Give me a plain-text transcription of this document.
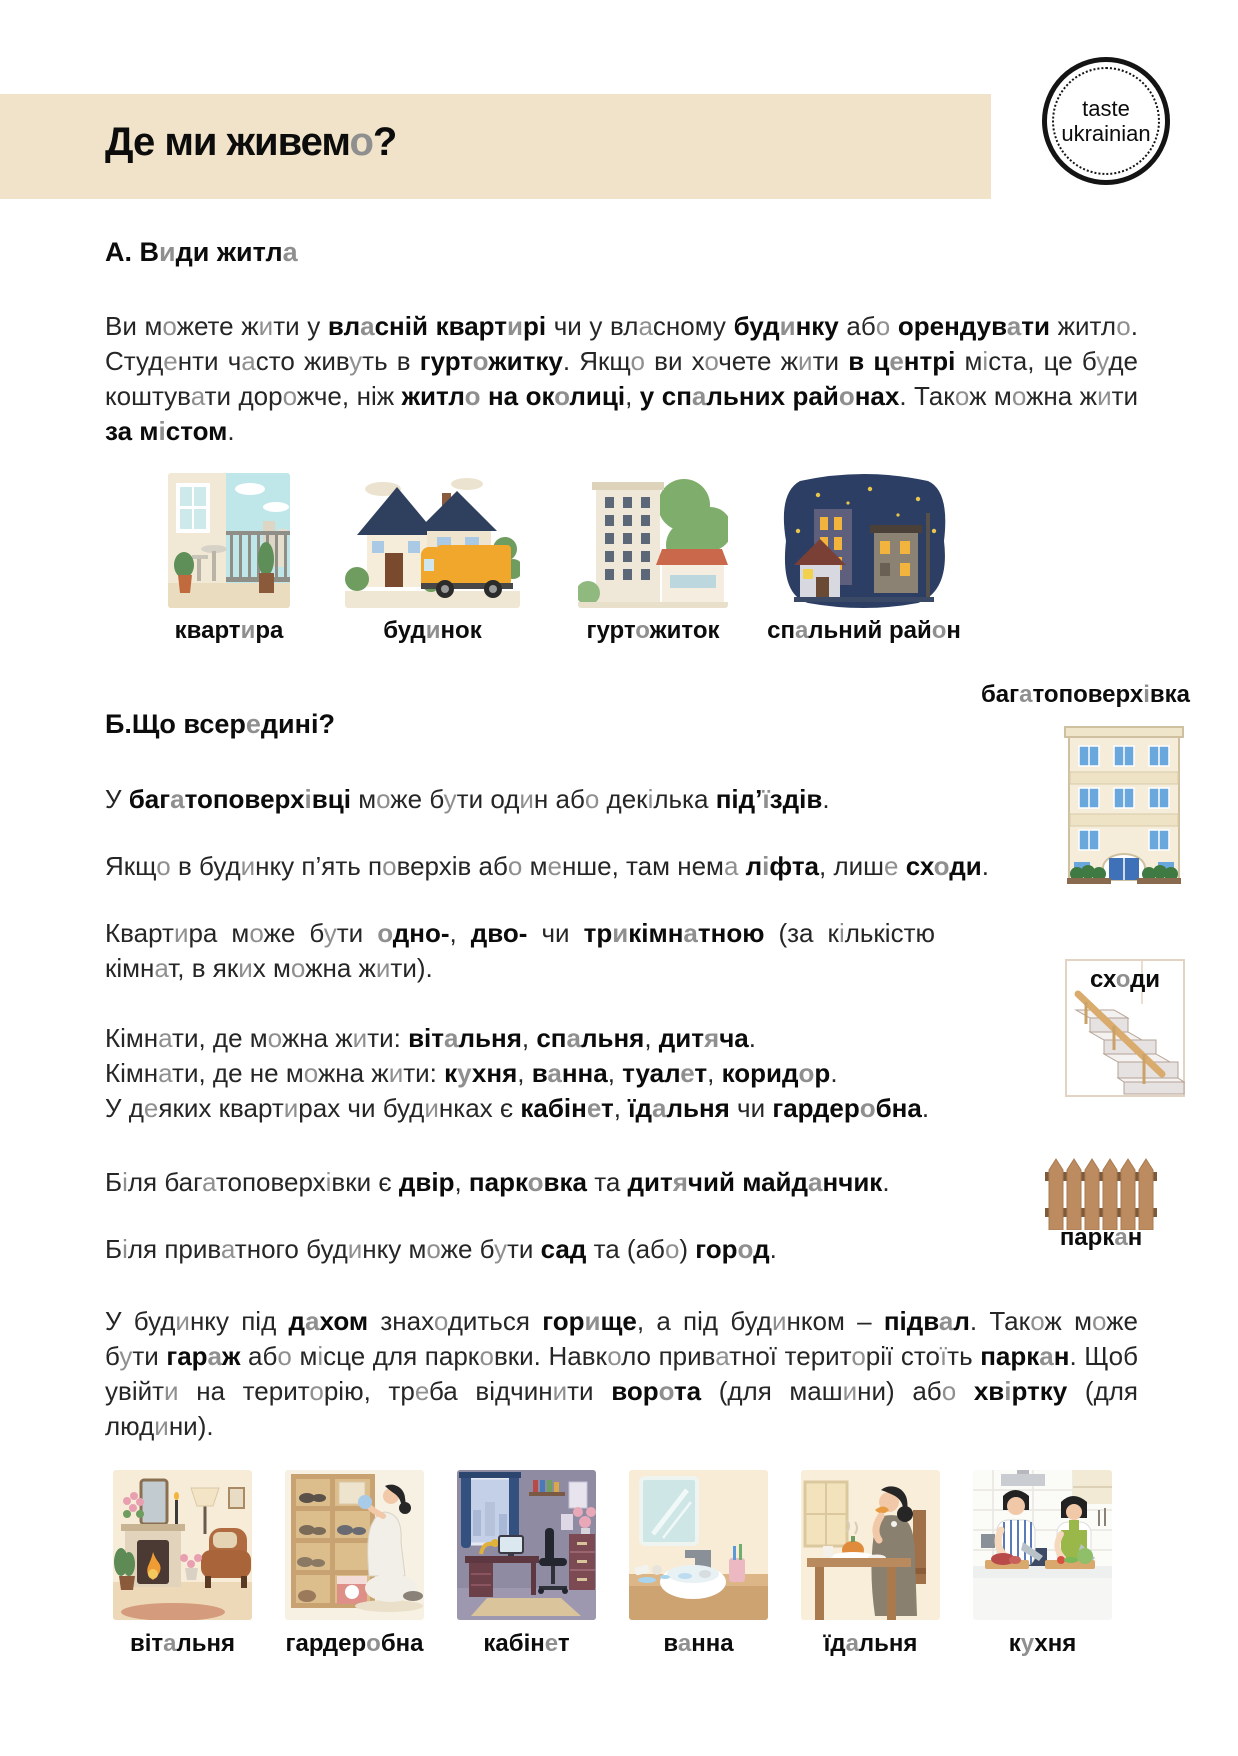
Де ми живемо?
taste
ukrainian
А. Види житла
Ви можете жити у власній квартирі чи у власному будинку або орендувати житло. Студенти часто живуть в гуртожитку. Якщо ви хочете жити в центрі міста, це буде коштувати дорожче, ніж житло на околиці, у спальних районах. Також можна жити за містом.
квартира	будинок	гуртожиток спальний район
багатоповерхівка
Б.Що всередині?
У багатоповерхівці може бути один або декілька під’їздів.
Якщо в будинку п’ять поверхів або менше, там нема ліфта, лише сходи.
Квартира може бути одно-, дво- чи трикімнатною (за кількістю кімнат, в яких можна жити).	сходи
Кімнати, де можна жити: вітальня, спальня, дитяча.
Кімнати, де не можна жити: кухня, ванна, туалет, коридор.
У деяких квартирах чи будинках є кабінет, їдальня чи гардеробна.
Біля багатоповерхівки є двір, парковка та дитячий майданчик.
паркан
Біля приватного будинку може бути сад та (або) город.
У будинку під дахом знаходиться горище, а під будинком – підвал. Також може бути гараж або місце для парковки. Навколо приватної території стоїть паркан. Щоб увійти на територію, треба відчинити ворота (для машини) або хвіртку (для людини).
вітальня гардеробна кабінет	ванна	їдальня	кухня
